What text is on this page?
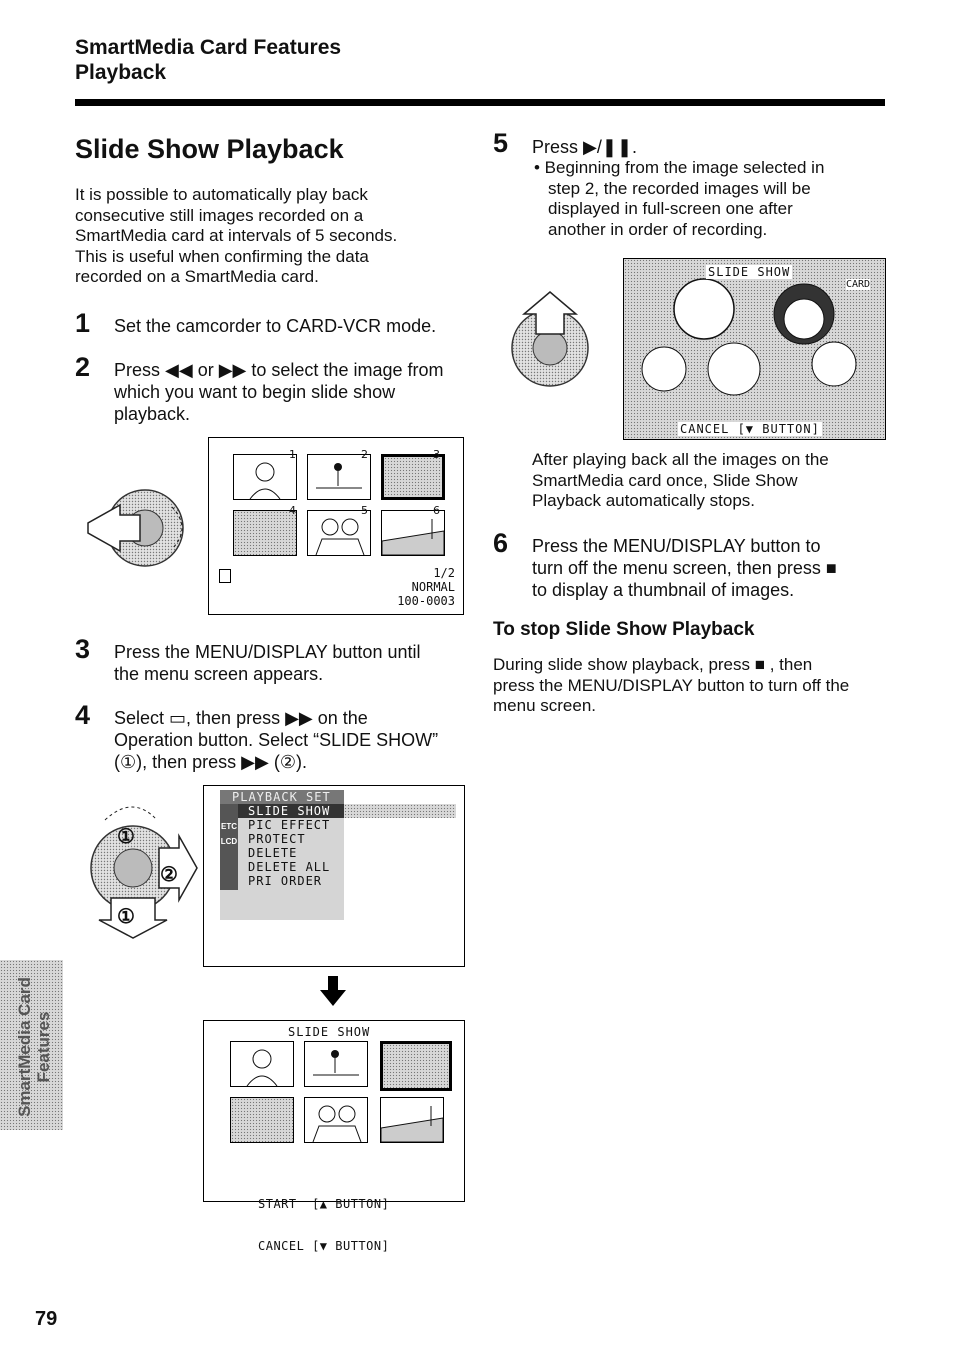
SmartMedia Card Features
Playback
Slide Show Playback
It is possible to automatically play back
consecutive still images recorded on a
SmartMedia card at intervals of 5 seconds.
This is useful when confirming the data
recorded on a SmartMedia card.
1 Set the camcorder to CARD-VCR mode.
2 Press ◀◀ or ▶▶ to select the image from
which you want to begin slide show
playback.
1	2	3
4	5	6
1/2
NORMAL
100-0003
3 Press the MENU/DISPLAY button until
the menu screen appears.
4 Select ▭, then press ▶▶ on the
Operation button. Select “SLIDE SHOW”
(①), then press ▶▶ (②).
①
②
①
PLAYBACK SET
ETC
LCD
SLIDE SHOW
PIC EFFECT
PROTECT
DELETE
DELETE ALL
PRI ORDER
SLIDE SHOW

START  [▲ BUTTON]

CANCEL [▼ BUTTON]

5 Press ▶/❚❚.
• Beginning from the image selected in
step 2, the recorded images will be
displayed in full-screen one after
another in order of recording.
SLIDE SHOW
CARD
CANCEL [▼ BUTTON]
After playing back all the images on the
SmartMedia card once, Slide Show
Playback automatically stops.
6 Press the MENU/DISPLAY button to
turn off the menu screen, then press ■
to display a thumbnail of images.
To stop Slide Show Playback
During slide show playback, press ■ , then
press the MENU/DISPLAY button to turn off the
menu screen.
SmartMedia Card Features
79
